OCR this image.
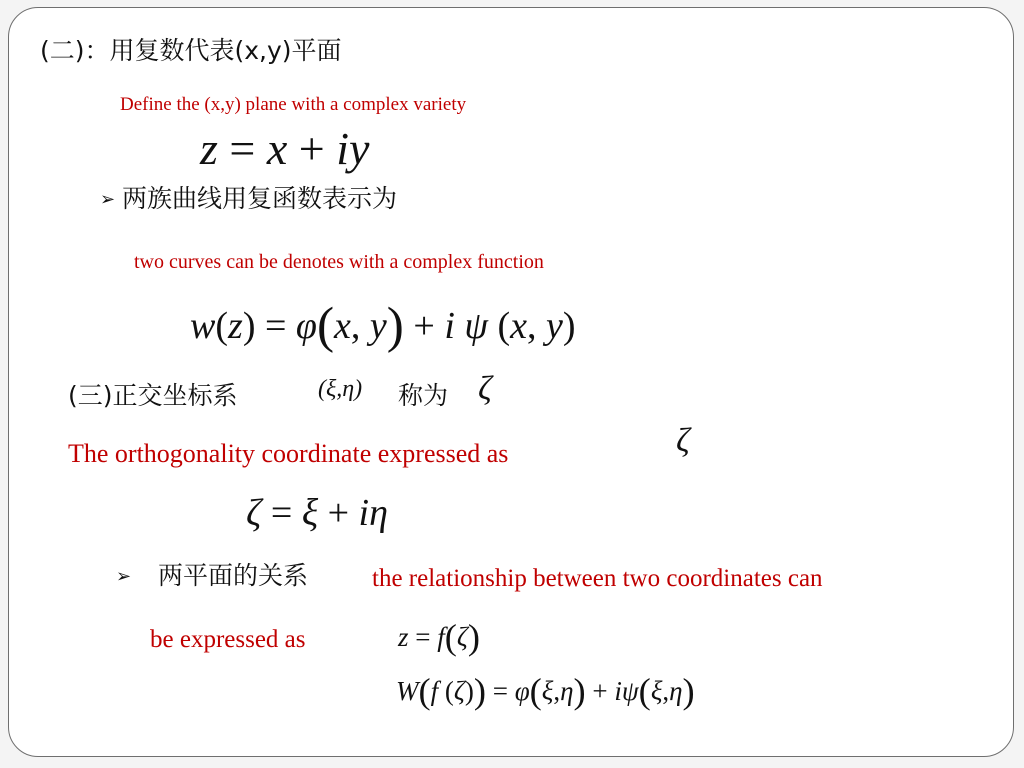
(二)：用复数代表(x,y)平面
Define the (x,y) plane with a complex variety
z = x + iy
➢ 两族曲线用复函数表示为
two curves can be denotes with a complex function
w(z) = φ(x, y) + i ψ (x, y)
(三)正交坐标系	(ξ,η) 称为 ζ
The orthogonality coordinate expressed as	ζ
ζ = ξ + iη
➢ 两平面的关系	the relationship between two coordinates can
be expressed as	z = f(ζ)
W(f (ζ)) = φ(ξ,η) + iψ(ξ,η)
